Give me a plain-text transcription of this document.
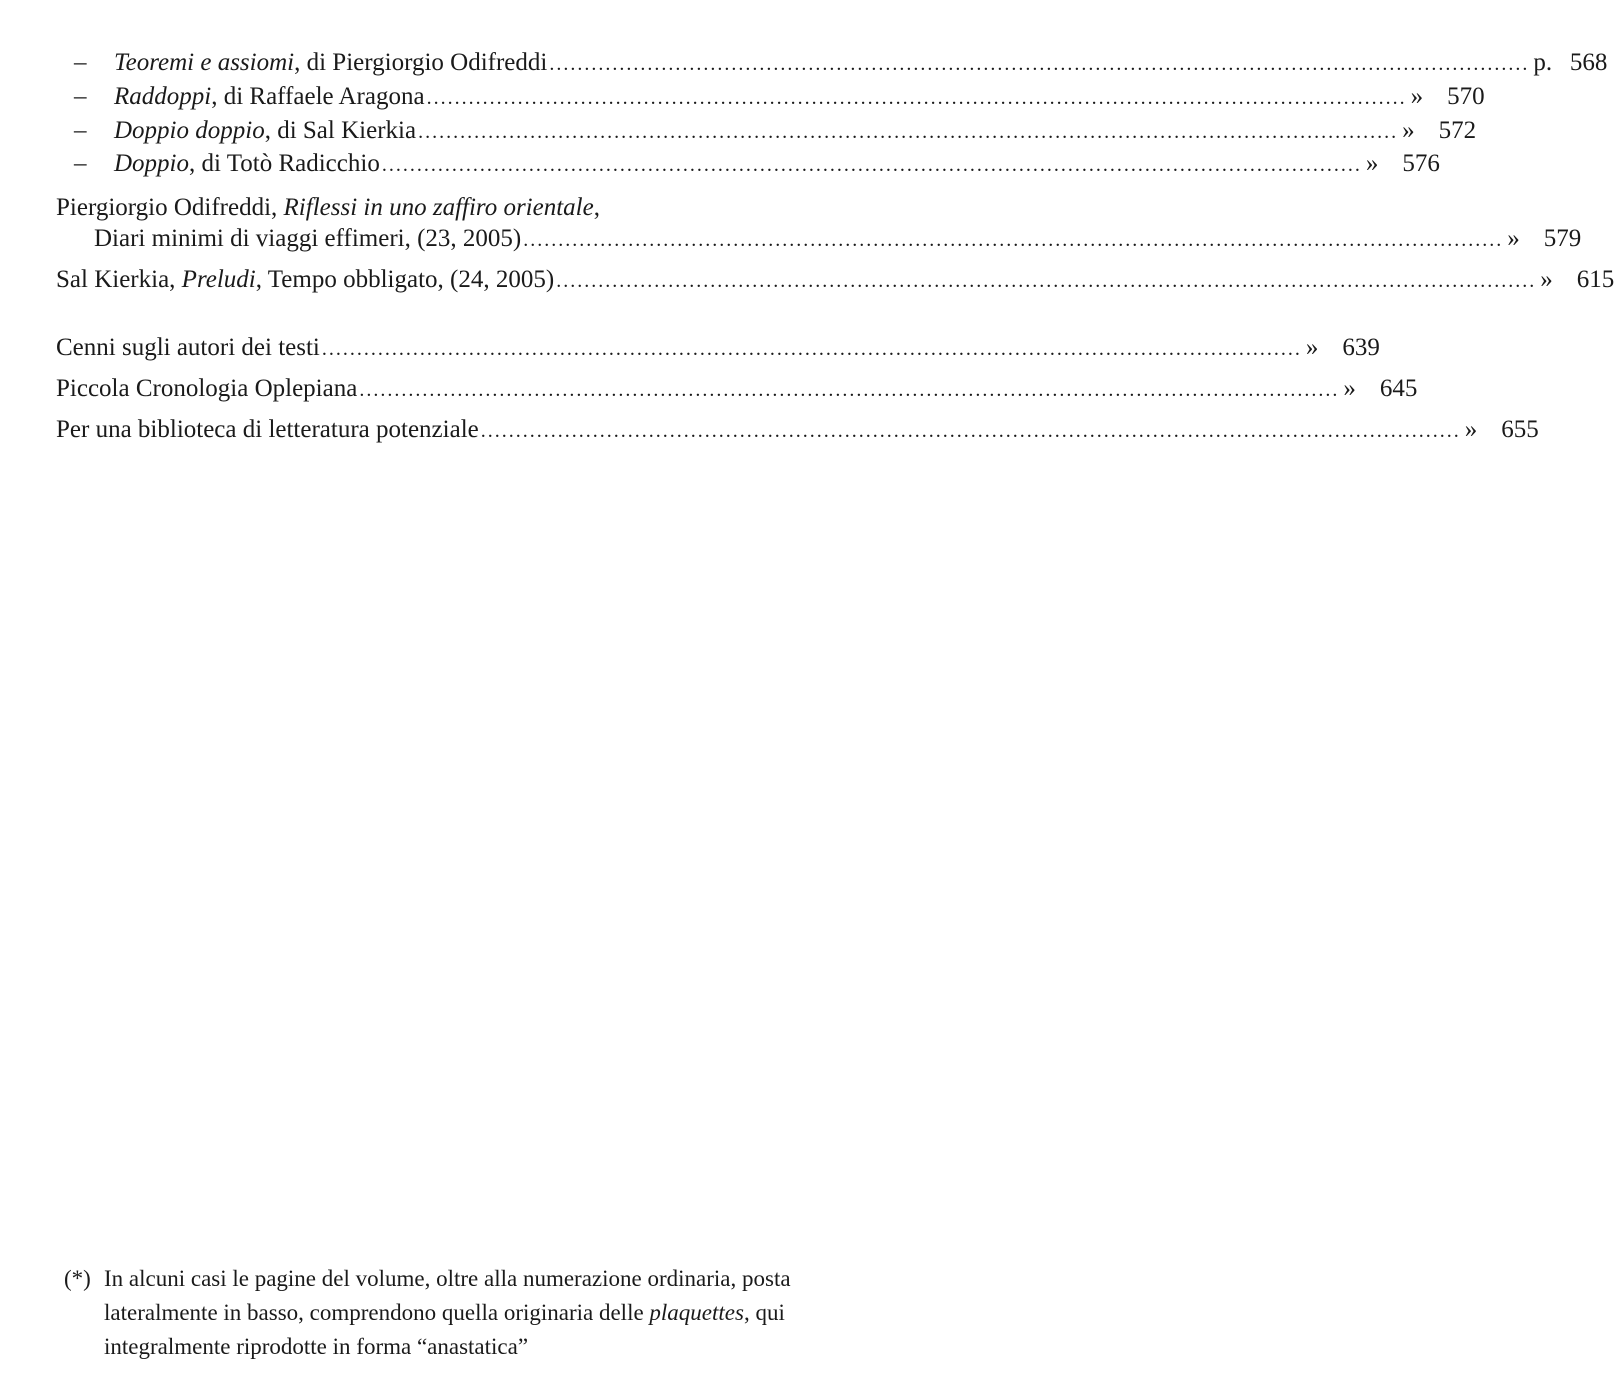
–	Teoremi e assiomi, di Piergiorgio Odifreddi ............................................................................................................................................ p. 568
–	Raddoppi, di Raffaele Aragona ............................................................................................................................................ » 570
–	Doppio doppio, di Sal Kierkia ............................................................................................................................................ » 572
–	Doppio, di Totò Radicchio ............................................................................................................................................ » 576
Piergiorgio Odifreddi, Riflessi in uno zaffiro orientale,
Diari minimi di viaggi effimeri, (23, 2005) ............................................................................................................................................ » 579
Sal Kierkia, Preludi, Tempo obbligato, (24, 2005) ............................................................................................................................................ » 615
Cenni sugli autori dei testi ............................................................................................................................................ » 639
Piccola Cronologia Oplepiana ............................................................................................................................................ » 645
Per una biblioteca di letteratura potenziale ............................................................................................................................................ » 655
(*) In alcuni casi le pagine del volume, oltre alla numerazione ordinaria, posta
lateralmente in basso, comprendono quella originaria delle plaquettes, qui
integralmente riprodotte in forma “anastatica”
